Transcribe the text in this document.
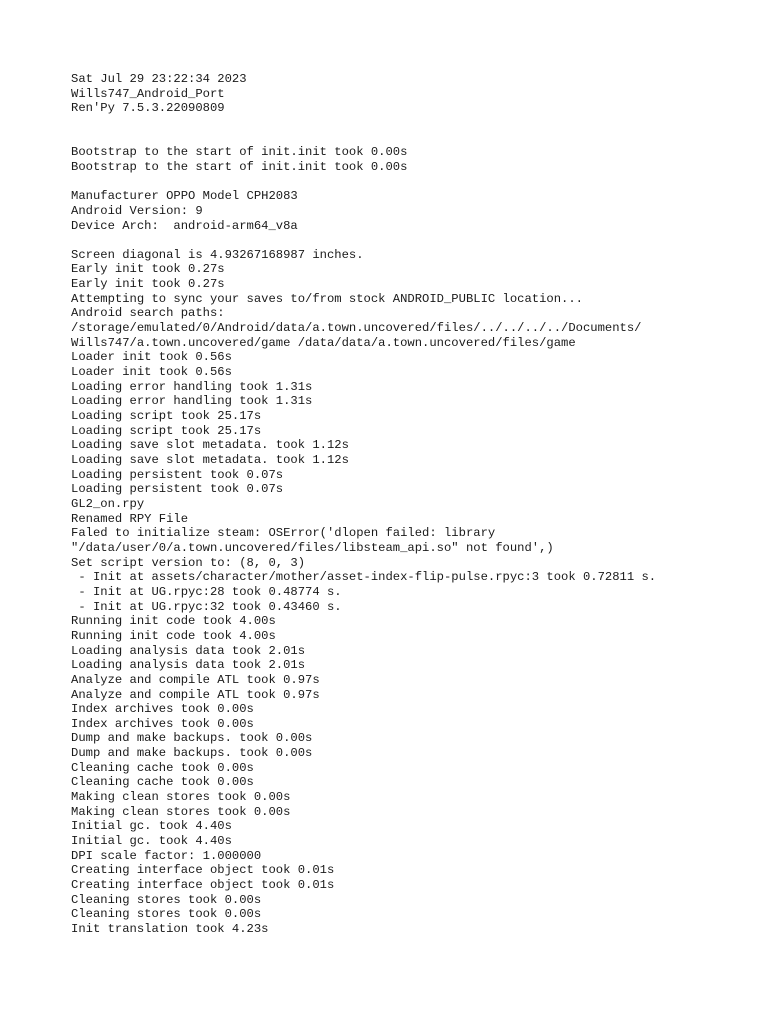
Sat Jul 29 23:22:34 2023
Wills747_Android_Port
Ren'Py 7.5.3.22090809
Bootstrap to the start of init.init took 0.00s
Bootstrap to the start of init.init took 0.00s
Manufacturer OPPO Model CPH2083
Android Version: 9
Device Arch:  android-arm64_v8a
Screen diagonal is 4.93267168987 inches.
Early init took 0.27s
Early init took 0.27s
Attempting to sync your saves to/from stock ANDROID_PUBLIC location...
Android search paths:
/storage/emulated/0/Android/data/a.town.uncovered/files/../../../../Documents/
Wills747/a.town.uncovered/game /data/data/a.town.uncovered/files/game
Loader init took 0.56s
Loader init took 0.56s
Loading error handling took 1.31s
Loading error handling took 1.31s
Loading script took 25.17s
Loading script took 25.17s
Loading save slot metadata. took 1.12s
Loading save slot metadata. took 1.12s
Loading persistent took 0.07s
Loading persistent took 0.07s
GL2_on.rpy
Renamed RPY File
Faled to initialize steam: OSError('dlopen failed: library
"/data/user/0/a.town.uncovered/files/libsteam_api.so" not found',)
Set script version to: (8, 0, 3)
- Init at assets/character/mother/asset-index-flip-pulse.rpyc:3 took 0.72811 s.
- Init at UG.rpyc:28 took 0.48774 s.
- Init at UG.rpyc:32 took 0.43460 s.
Running init code took 4.00s
Running init code took 4.00s
Loading analysis data took 2.01s
Loading analysis data took 2.01s
Analyze and compile ATL took 0.97s
Analyze and compile ATL took 0.97s
Index archives took 0.00s
Index archives took 0.00s
Dump and make backups. took 0.00s
Dump and make backups. took 0.00s
Cleaning cache took 0.00s
Cleaning cache took 0.00s
Making clean stores took 0.00s
Making clean stores took 0.00s
Initial gc. took 4.40s
Initial gc. took 4.40s
DPI scale factor: 1.000000
Creating interface object took 0.01s
Creating interface object took 0.01s
Cleaning stores took 0.00s
Cleaning stores took 0.00s
Init translation took 4.23s
